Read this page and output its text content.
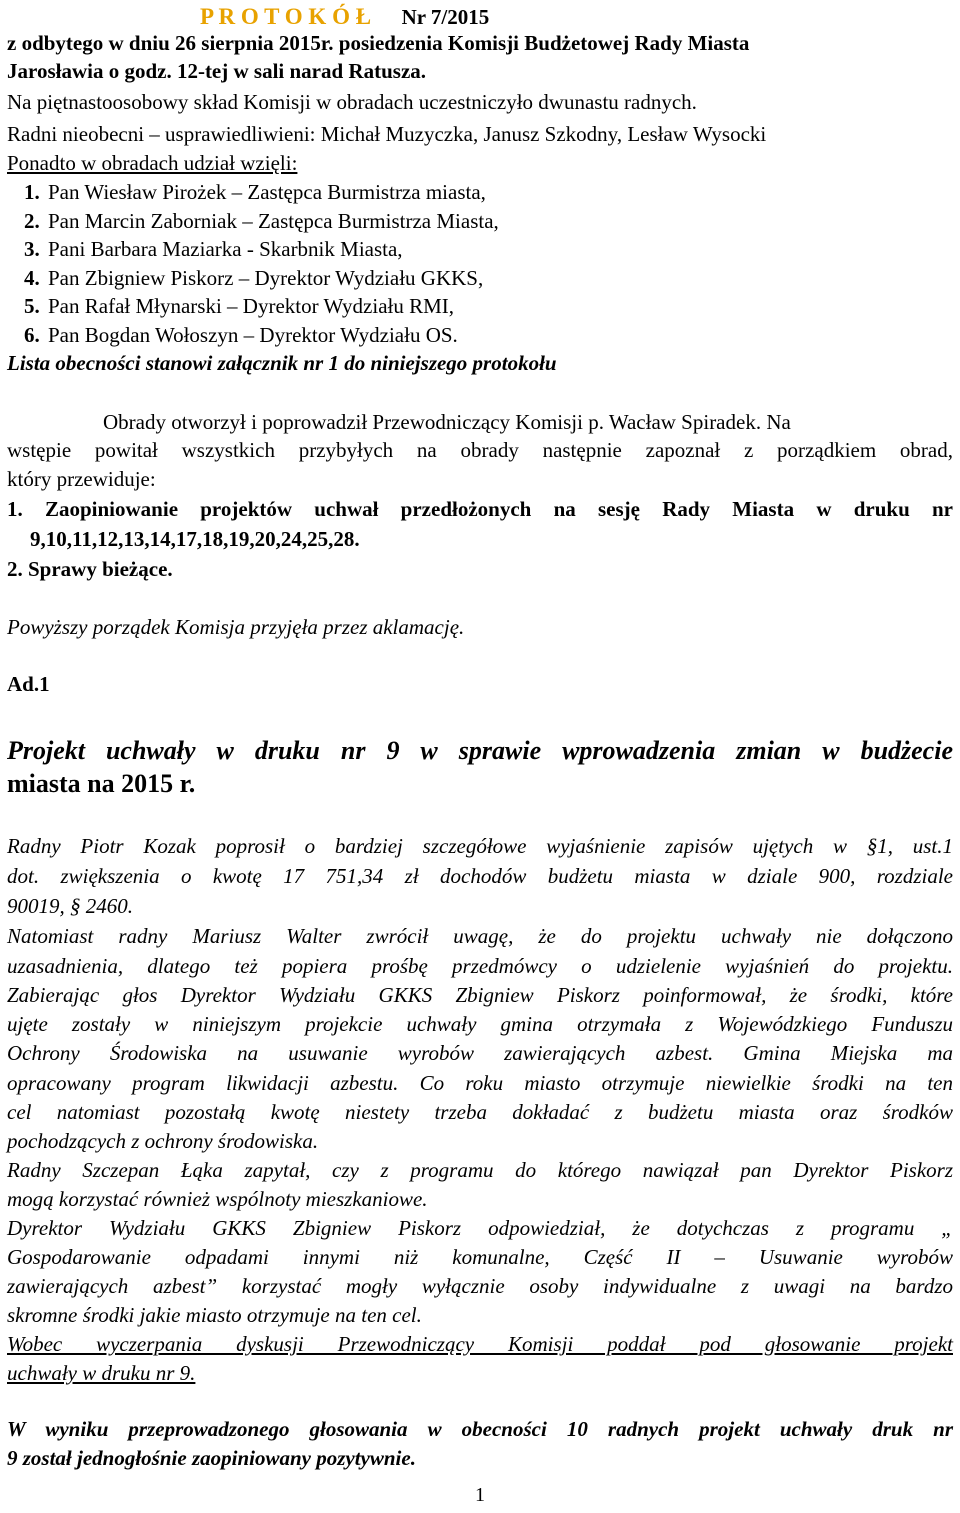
P R O T O K Ó Ł Nr 7/2015
z odbytego w dniu 26 sierpnia 2015r. posiedzenia Komisji Budżetowej Rady Miasta
Jarosławia o godz. 12-tej w sali narad Ratusza.
Na piętnastoosobowy skład Komisji w obradach uczestniczyło dwunastu radnych.
Radni nieobecni – usprawiedliwieni: Michał Muzyczka, Janusz Szkodny, Lesław Wysocki
Ponadto w obradach udział wzięli:
1. Pan Wiesław Pirożek – Zastępca Burmistrza miasta,
2. Pan Marcin Zaborniak – Zastępca Burmistrza Miasta,
3. Pani Barbara Maziarka - Skarbnik Miasta,
4. Pan Zbigniew Piskorz – Dyrektor Wydziału GKKS,
5. Pan Rafał Młynarski – Dyrektor Wydziału RMI,
6. Pan Bogdan Wołoszyn – Dyrektor Wydziału OS.
Lista obecności stanowi załącznik nr 1 do niniejszego protokołu
Obrady otworzył i poprowadził Przewodniczący Komisji p. Wacław Spiradek. Na
wstępie powitał wszystkich przybyłych na obrady następnie zapoznał z porządkiem obrad,
który przewiduje:
1. Zaopiniowanie projektów uchwał przedłożonych na sesję Rady Miasta w druku nr
9,10,11,12,13,14,17,18,19,20,24,25,28.
2. Sprawy bieżące.
Powyższy porządek Komisja przyjęła przez aklamację.
Ad.1
Projekt uchwały w druku nr 9 w sprawie wprowadzenia zmian w budżecie
miasta na 2015 r.
Radny Piotr Kozak poprosił o bardziej szczegółowe wyjaśnienie zapisów ujętych w §1, ust.1
dot. zwiększenia o kwotę 17 751,34 zł dochodów budżetu miasta w dziale 900, rozdziale
90019, § 2460.
Natomiast radny Mariusz Walter zwrócił uwagę, że do projektu uchwały nie dołączono
uzasadnienia, dlatego też popiera prośbę przedmówcy o udzielenie wyjaśnień do projektu.
Zabierając głos Dyrektor Wydziału GKKS Zbigniew Piskorz poinformował, że środki, które
ujęte zostały w niniejszym projekcie uchwały gmina otrzymała z Wojewódzkiego Funduszu
Ochrony Środowiska na usuwanie wyrobów zawierających azbest. Gmina Miejska ma
opracowany program likwidacji azbestu. Co roku miasto otrzymuje niewielkie środki na ten
cel natomiast pozostałą kwotę niestety trzeba dokładać z budżetu miasta oraz środków
pochodzących z ochrony środowiska.
Radny Szczepan Łąka zapytał, czy z programu do którego nawiązał pan Dyrektor Piskorz
mogą korzystać również wspólnoty mieszkaniowe.
Dyrektor Wydziału GKKS Zbigniew Piskorz odpowiedział, że dotychczas z programu „
Gospodarowanie odpadami innymi niż komunalne, Część II – Usuwanie wyrobów
zawierających azbest” korzystać mogły wyłącznie osoby indywidualne z uwagi na bardzo
skromne środki jakie miasto otrzymuje na ten cel.
Wobec wyczerpania dyskusji Przewodniczący Komisji poddał pod głosowanie projekt
uchwały w druku nr 9.
W wyniku przeprowadzonego głosowania w obecności 10 radnych projekt uchwały druk nr
9 został jednogłośnie zaopiniowany pozytywnie.
1
